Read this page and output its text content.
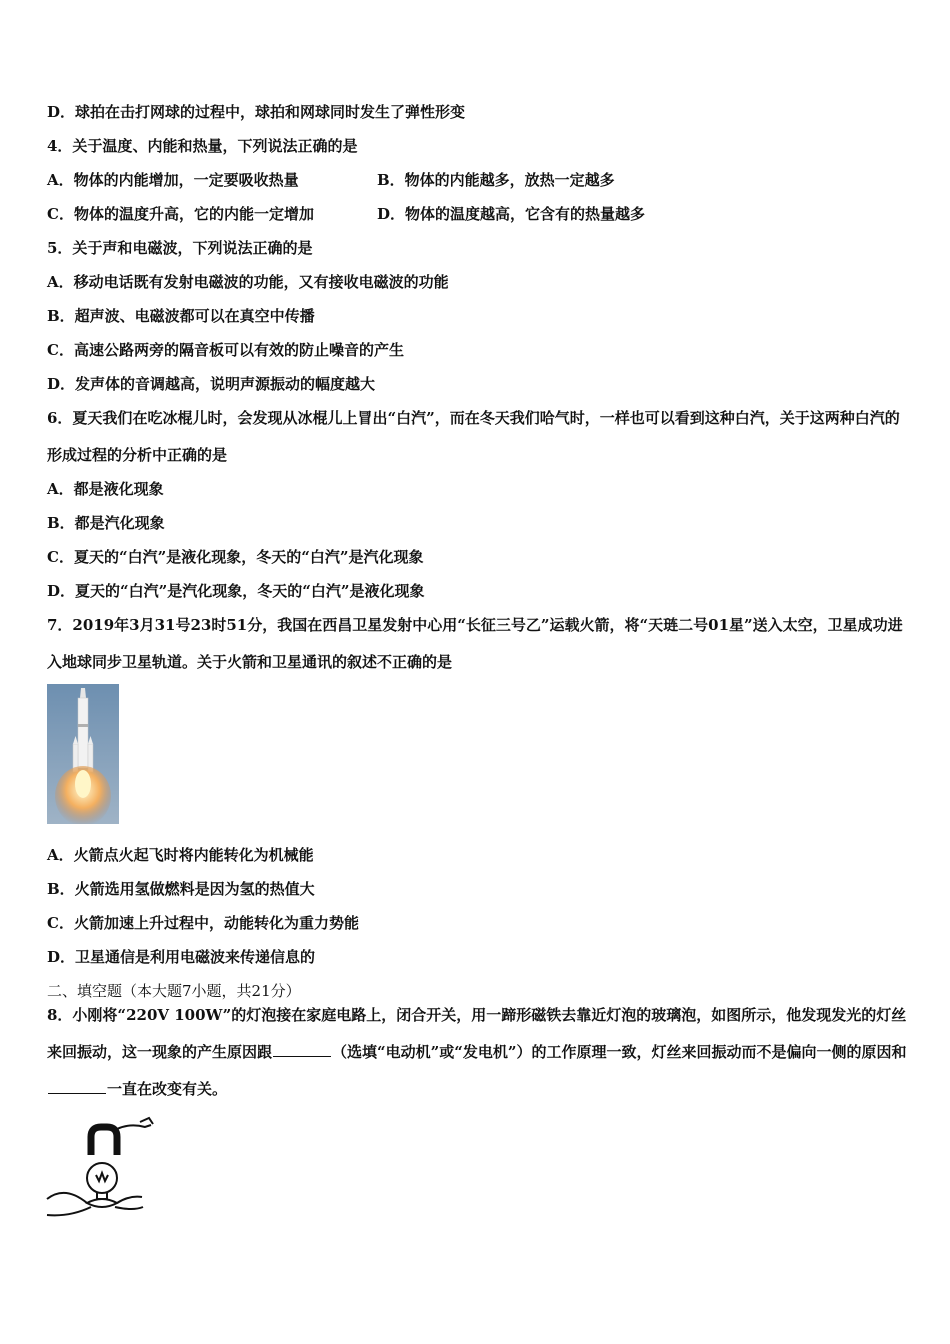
D．球拍在击打网球的过程中，球拍和网球同时发生了弹性形变
4．关于温度、内能和热量，下列说法正确的是
A．物体的内能增加，一定要吸收热量	B．物体的内能越多，放热一定越多
C．物体的温度升高，它的内能一定增加	D．物体的温度越高，它含有的热量越多
5．关于声和电磁波，下列说法正确的是
A．移动电话既有发射电磁波的功能，又有接收电磁波的功能
B．超声波、电磁波都可以在真空中传播
C．高速公路两旁的隔音板可以有效的防止噪音的产生
D．发声体的音调越高，说明声源振动的幅度越大
6．夏天我们在吃冰棍儿时，会发现从冰棍儿上冒出“白汽”，而在冬天我们哈气时，一样也可以看到这种白汽，关于这两种白汽的形成过程的分析中正确的是
A．都是液化现象
B．都是汽化现象
C．夏天的“白汽”是液化现象，冬天的“白汽”是汽化现象
D．夏天的“白汽”是汽化现象，冬天的“白汽”是液化现象
7．2019年3月31号23时51分，我国在西昌卫星发射中心用“长征三号乙”运载火箭，将“天琏二号01星”送入太空，卫星成功进入地球同步卫星轨道。关于火箭和卫星通讯的叙述不正确的是
A．火箭点火起飞时将内能转化为机械能
B．火箭选用氢做燃料是因为氢的热值大
C．火箭加速上升过程中，动能转化为重力势能
D．卫星通信是利用电磁波来传递信息的
二、填空题（本大题7小题，共21分）
8．小刚将“220V 100W”的灯泡接在家庭电路上，闭合开关，用一蹄形磁铁去靠近灯泡的玻璃泡，如图所示，他发现发光的灯丝来回振动，这一现象的产生原因跟	（选填“电动机”或“发电机”）的工作原理一致，灯丝来回振动而不是偏向一侧的原因和一直在改变有关。
